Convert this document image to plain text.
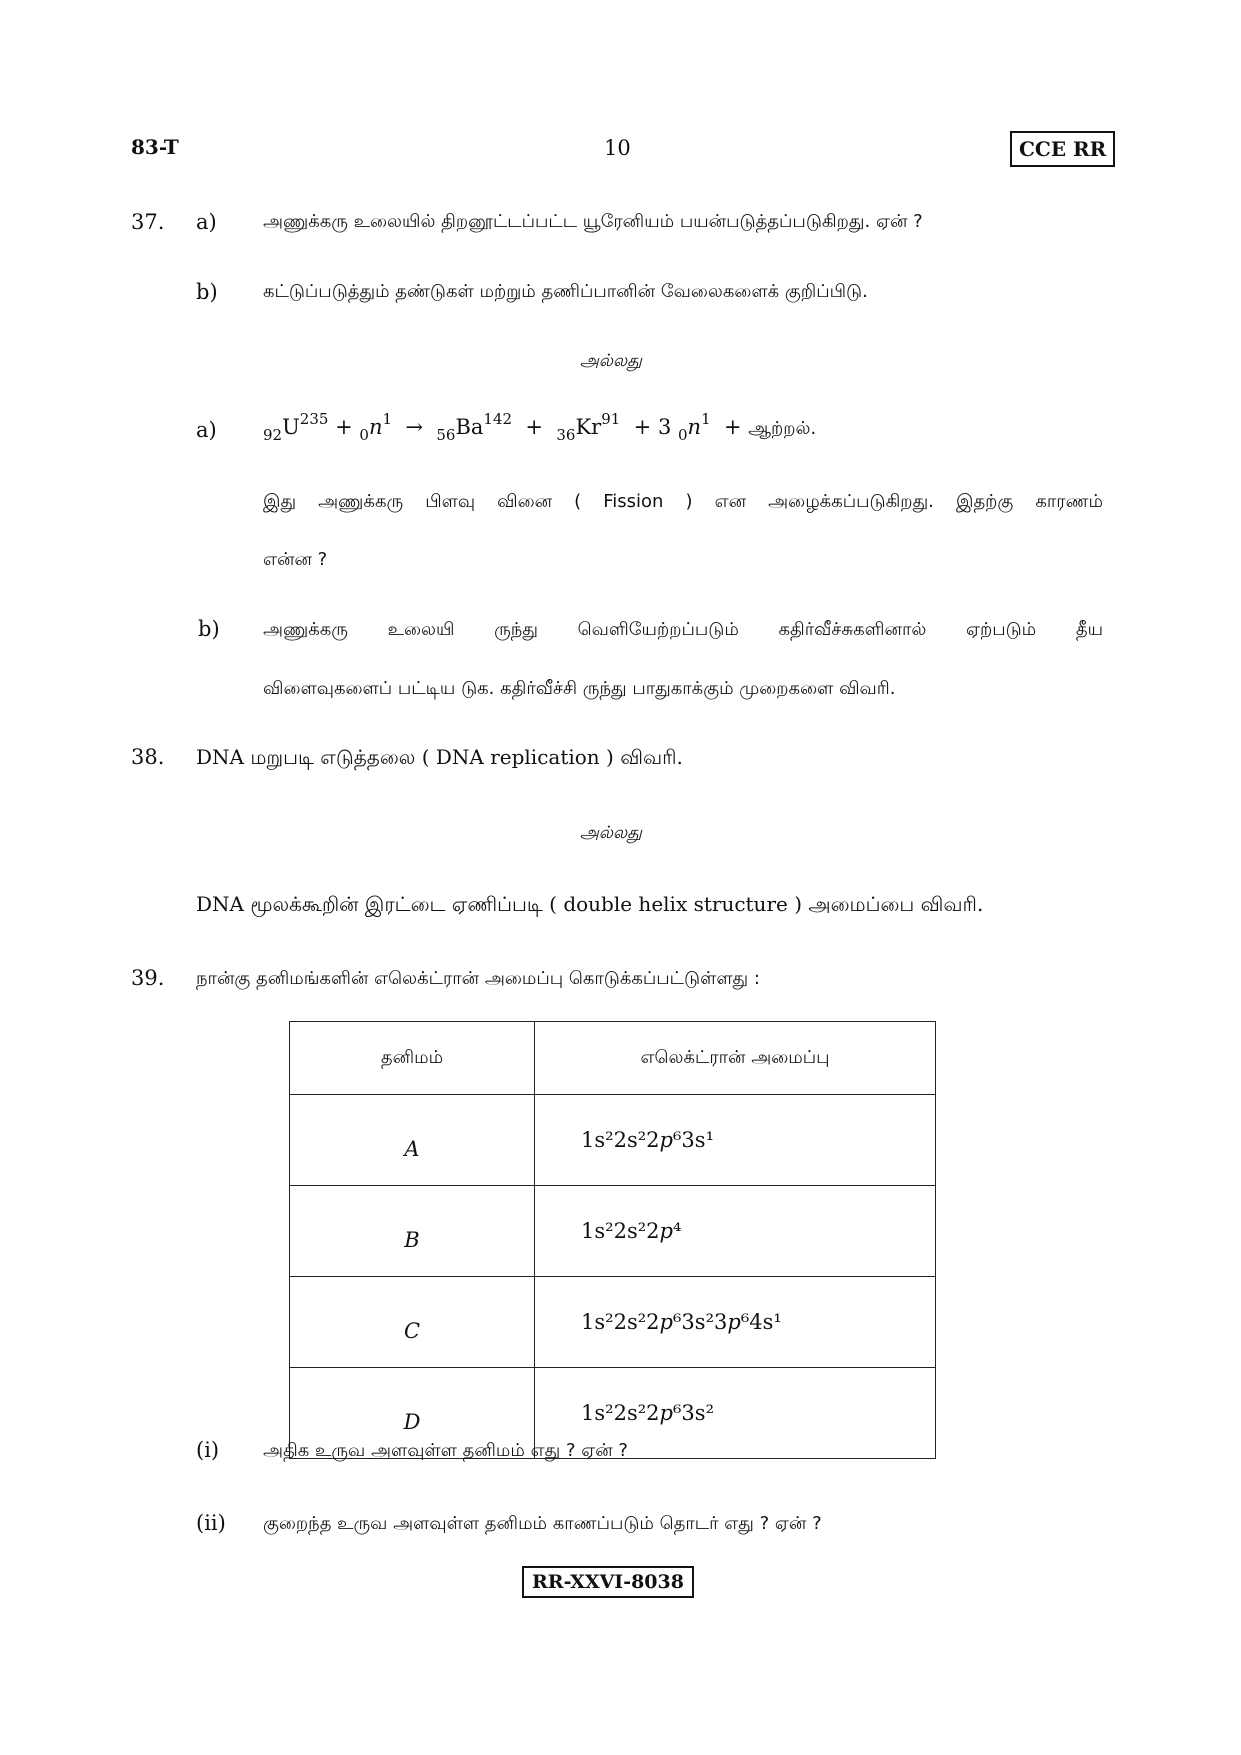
83-T	10	CCE RR
37. a)	அணுக்கரு உலையில் திறனூட்டப்பட்ட யூரேனியம் பயன்படுத்தப்படுகிறது. ஏன் ?
b)	கட்டுப்படுத்தும் தண்டுகள் மற்றும் தணிப்பானின் வேலைகளைக் குறிப்பிடு.
அல்லது
a)	$_{92}U^{235} + _0n^1 \to _{56}Ba^{142} + _{36}Kr^{91} + 3$ $_0n^1$ + ஆற்றல்.
இது அணுக்கரு பிளவு வினை ( Fission ) என அழைக்கப்படுகிறது. இதற்கு காரணம்
என்ன ?
b) அணுக்கரு உலையி ருந்து வெளியேற்றப்படும் கதிர்வீச்சுகளினால் ஏற்படும் தீய
விளைவுகளைப் பட்டிய டுக. கதிர்வீச்சி ருந்து பாதுகாக்கும் முறைகளை விவரி.
38. DNA மறுபடி எடுத்தலை ( DNA replication ) விவரி.
அல்லது
DNA மூலக்கூறின் இரட்டை ஏணிப்படி ( double helix structure ) அமைப்பை விவரி.
39. நான்கு தனிமங்களின் எலெக்ட்ரான் அமைப்பு கொடுக்கப்பட்டுள்ளது :
தனிமம்	எலெக்ட்ரான் அமைப்பு
A	1s²2s²2p⁶3s¹
B	1s²2s²2p⁴
C	1s²2s²2p⁶3s²3p⁶4s¹
D	1s²2s²2p⁶3s²
(i) அதிக உருவ அளவுள்ள தனிமம் எது ? ஏன் ?
(ii) குறைந்த உருவ அளவுள்ள தனிமம் காணப்படும் தொடர் எது ? ஏன் ?
RR-XXVI-8038
